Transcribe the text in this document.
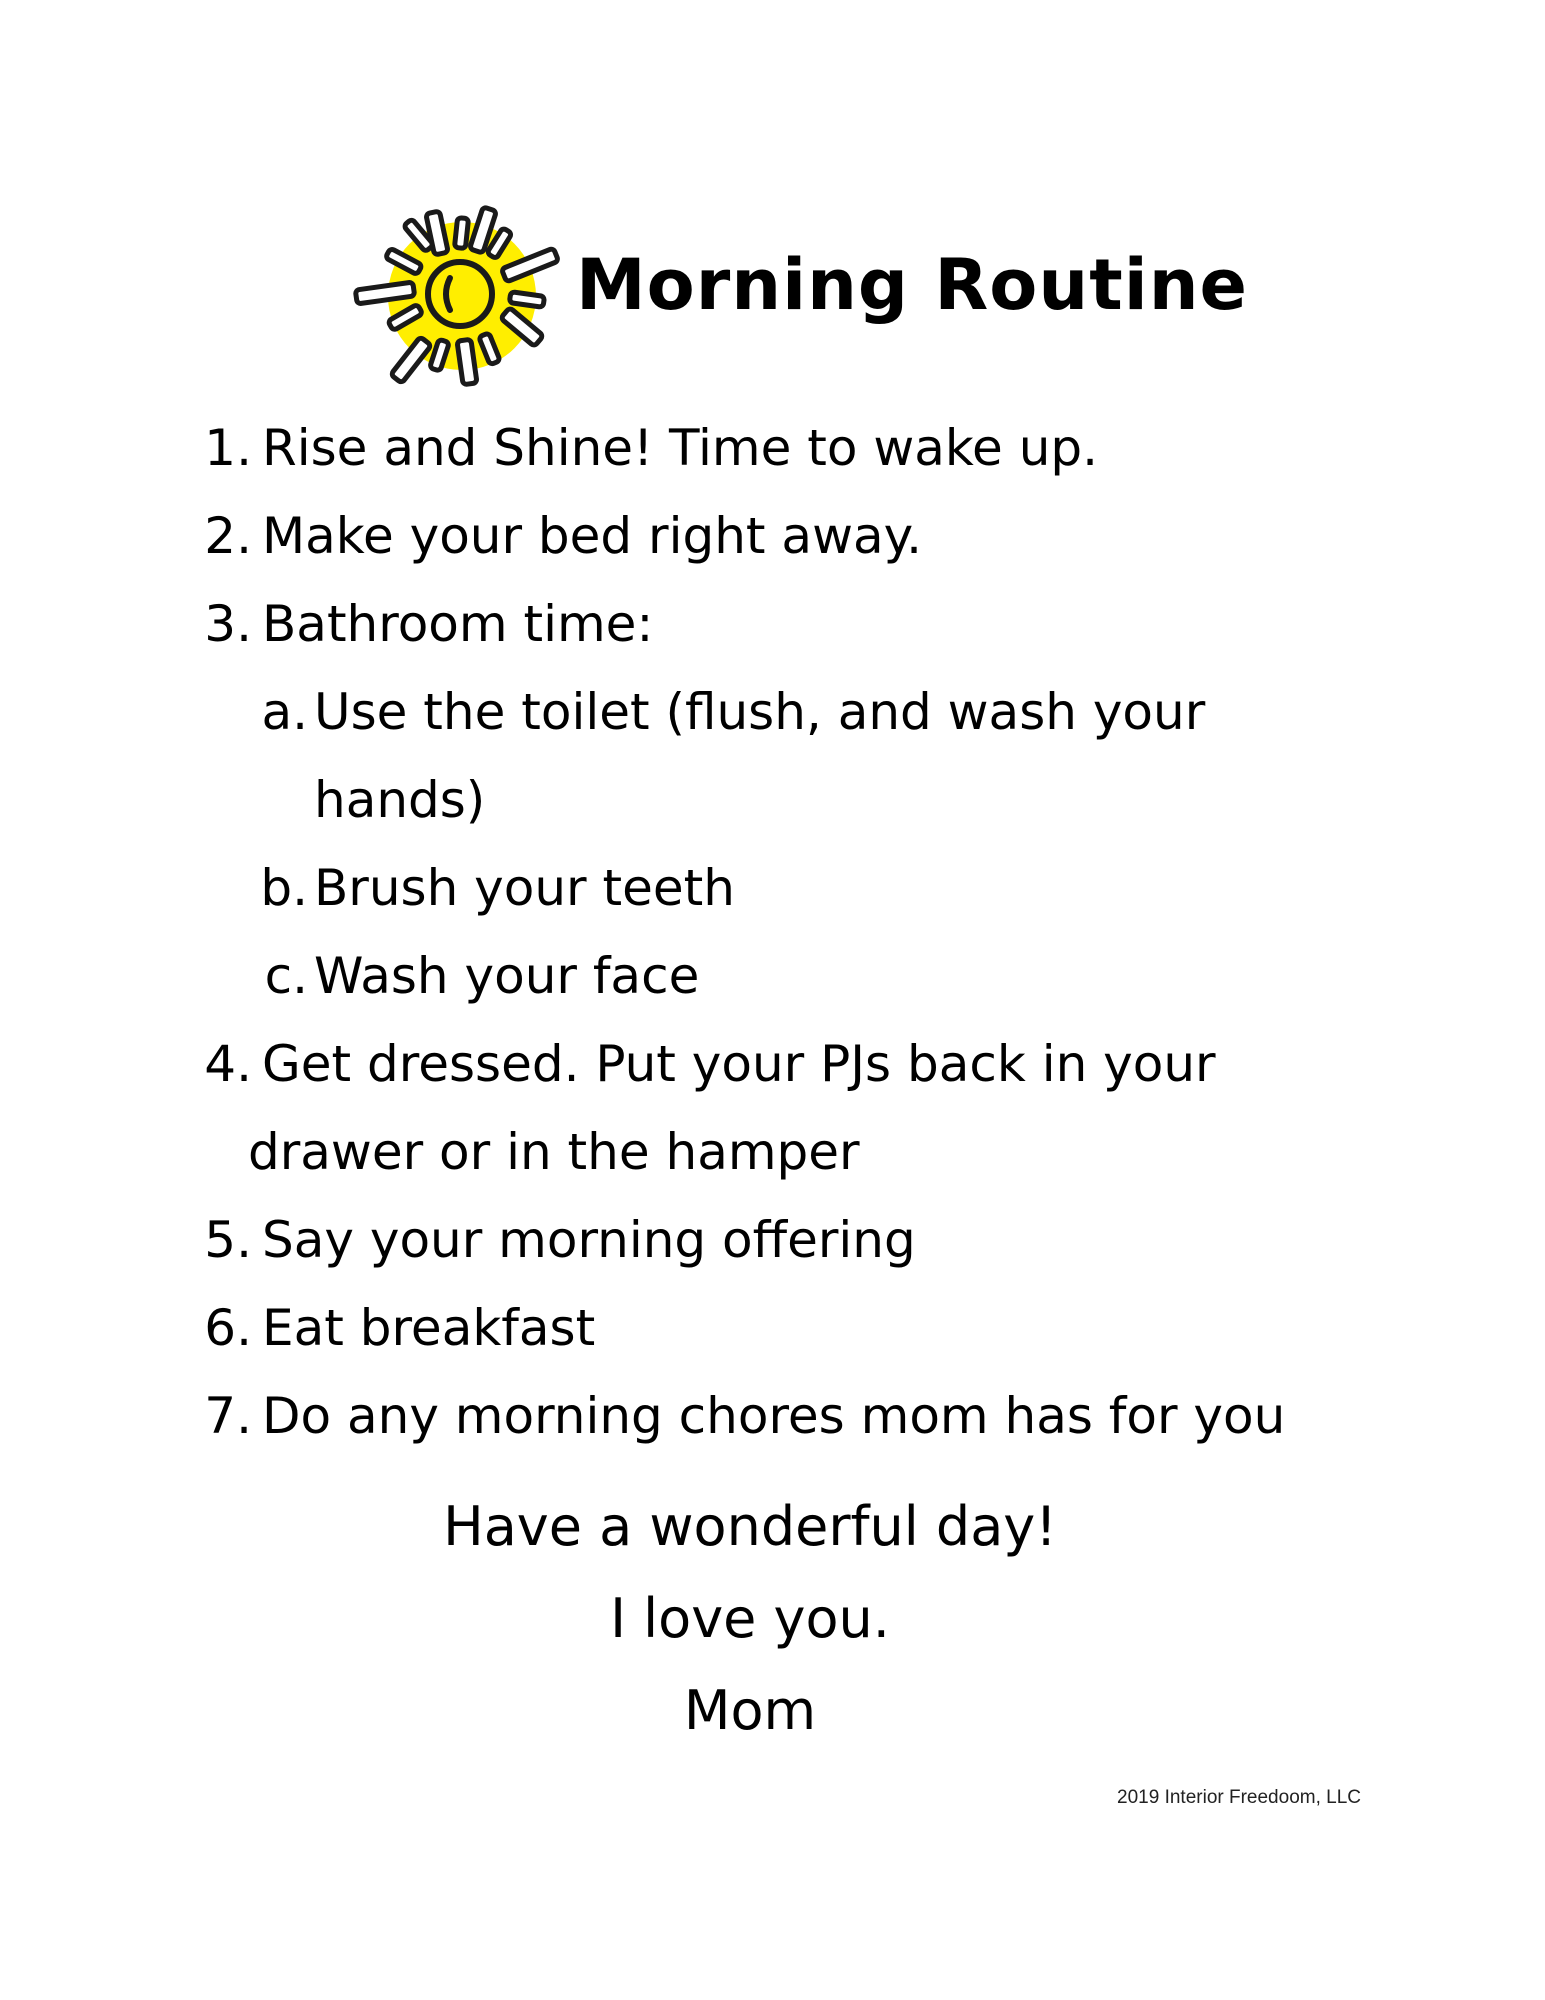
Morning Routine
1. Rise and Shine! Time to wake up.
2. Make your bed right away.
3. Bathroom time:
a. Use the toilet (flush, and wash your
hands)
b. Brush your teeth
c. Wash your face
4. Get dressed. Put your PJs back in your
drawer or in the hamper
5. Say your morning offering
6. Eat breakfast
7. Do any morning chores mom has for you
Have a wonderful day!
I love you.
Mom
2019 Interior Freedoom, LLC
